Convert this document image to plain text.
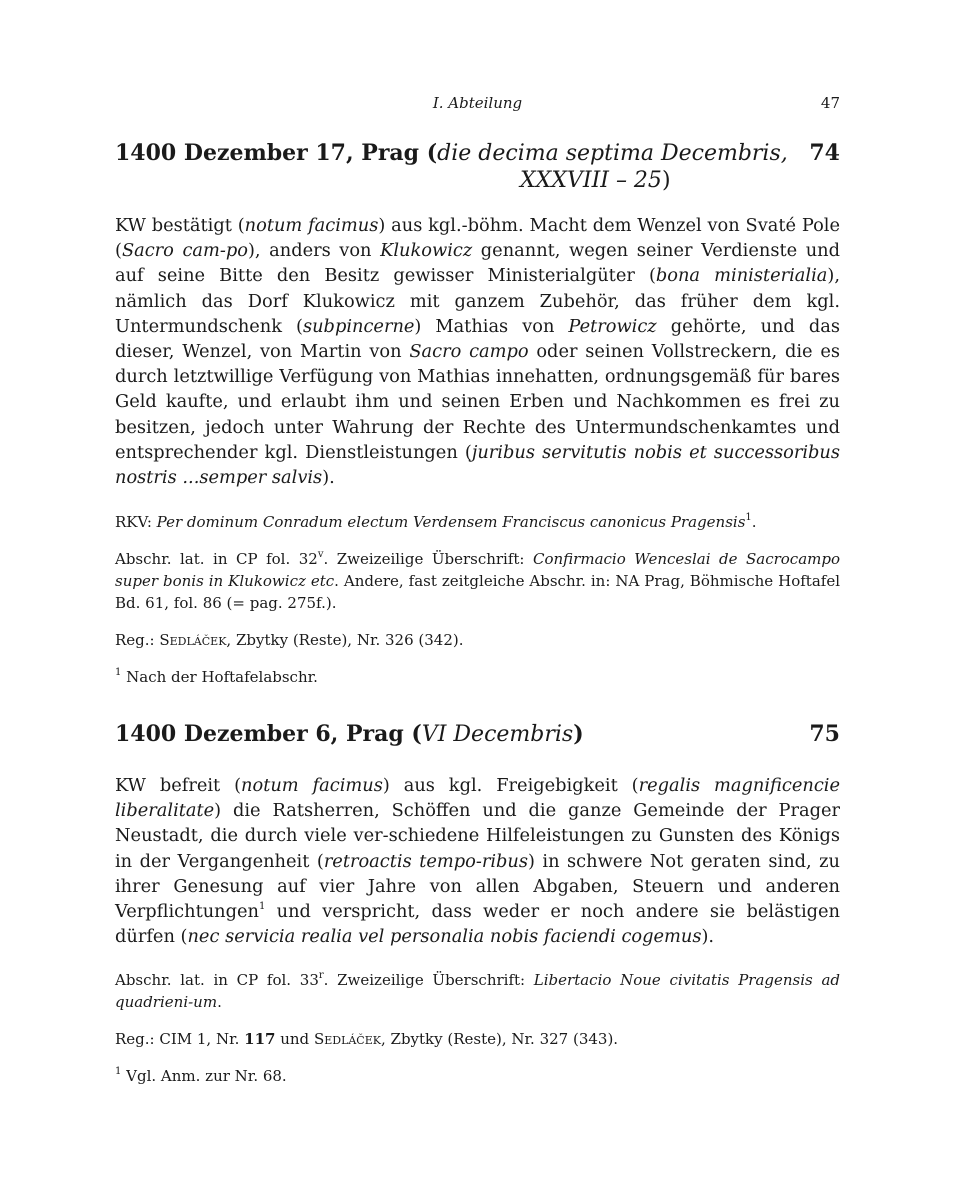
I. Abteilung	47
1400 Dezember 17, Prag (die decima septima Decembris,
XXXVIII – 25)
74

KW bestätigt (notum facimus) aus kgl.-böhm. Macht dem Wenzel von Svaté Pole (Sacro cam-po), anders von Klukowicz genannt, wegen seiner Verdienste und auf seine Bitte den Besitz gewisser Ministerialgüter (bona ministerialia), nämlich das Dorf Klukowicz mit ganzem Zubehör, das früher dem kgl. Untermundschenk (subpincerne) Mathias von Petrowicz gehörte, und das dieser, Wenzel, von Martin von Sacro campo oder seinen Vollstreckern, die es durch letztwillige Verfügung von Mathias innehatten, ordnungsgemäß für bares Geld kaufte, und erlaubt ihm und seinen Erben und Nachkommen es frei zu besitzen, jedoch unter Wahrung der Rechte des Untermundschenkamtes und entsprechender kgl. Dienstleistungen (juribus servitutis nobis et successoribus nostris ...semper salvis).

RKV: Per dominum Conradum electum Verdensem Franciscus canonicus Pragensis$^1$.

Abschr. lat. in CP fol. 32$^v$. Zweizeilige Überschrift: Confirmacio Wenceslai de Sacrocampo super bonis in Klukowicz etc. Andere, fast zeitgleiche Abschr. in: NA Prag, Böhmische Hoftafel Bd. 61, fol. 86 (= pag. 275f.).

Reg.: Sedláček, Zbytky (Reste), Nr. 326 (342).

$^1$ Nach der Hoftafelabschr.

1400 Dezember 6, Prag (VI Decembris)	75

KW befreit (notum facimus) aus kgl. Freigebigkeit (regalis magnificencie liberalitate) die Ratsherren, Schöffen und die ganze Gemeinde der Prager Neustadt, die durch viele ver-schiedene Hilfeleistungen zu Gunsten des Königs in der Vergangenheit (retroactis tempo-ribus) in schwere Not geraten sind, zu ihrer Genesung auf vier Jahre von allen Abgaben, Steuern und anderen Verpflichtungen$^1$ und verspricht, dass weder er noch andere sie belästigen dürfen (nec servicia realia vel personalia nobis faciendi cogemus).

Abschr. lat. in CP fol. 33$^r$. Zweizeilige Überschrift: Libertacio Noue civitatis Pragensis ad quadrieni-um.

Reg.: CIM 1, Nr. 117 und Sedláček, Zbytky (Reste), Nr. 327 (343).

$^1$ Vgl. Anm. zur Nr. 68.
